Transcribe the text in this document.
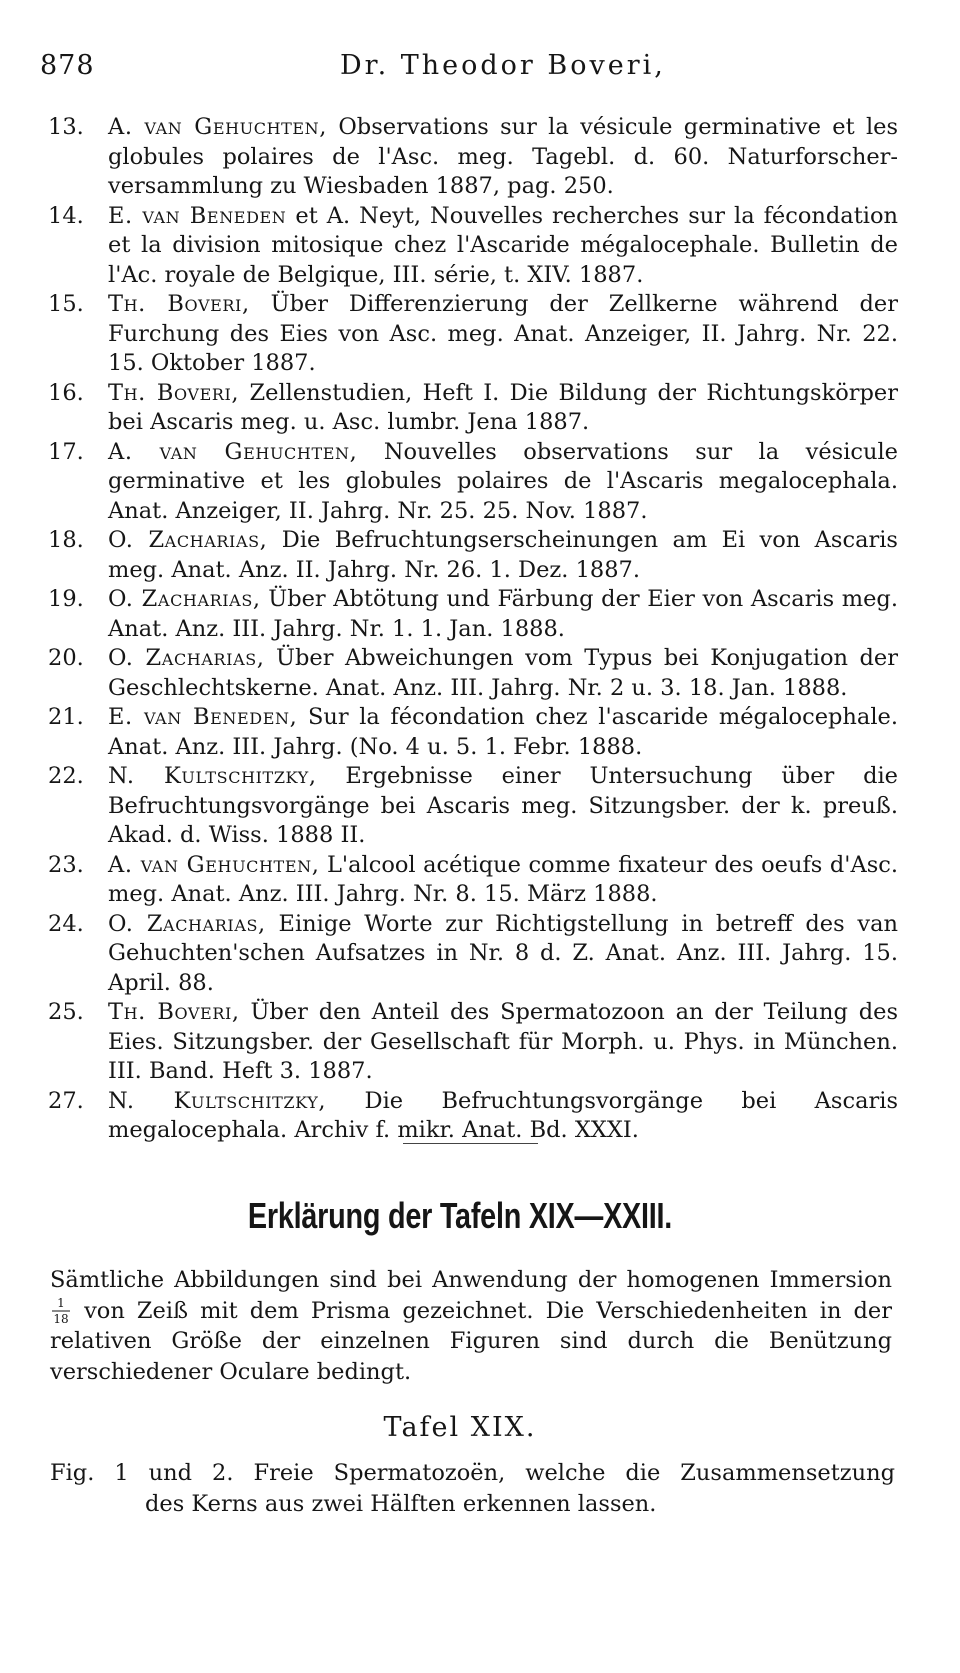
878	Dr. Theodor Boveri,
13.	A. van Gehuchten, Observations sur la vésicule germinative et les globules polaires de l'Asc. meg. Tagebl. d. 60. Naturforscher-versammlung zu Wiesbaden 1887, pag. 250.
14.	E. van Beneden et A. Neyt, Nouvelles recherches sur la fécondation et la division mitosique chez l'Ascaride mégalocephale. Bulletin de l'Ac. royale de Belgique, III. série, t. XIV. 1887.
15.	Th. Boveri, Über Differenzierung der Zellkerne während der Furchung des Eies von Asc. meg. Anat. Anzeiger, II. Jahrg. Nr. 22. 15. Oktober 1887.
16.	Th. Boveri, Zellenstudien, Heft I. Die Bildung der Richtungskörper bei Ascaris meg. u. Asc. lumbr. Jena 1887.
17.	A. van Gehuchten, Nouvelles observations sur la vésicule germinative et les globules polaires de l'Ascaris megalocephala. Anat. Anzeiger, II. Jahrg. Nr. 25. 25. Nov. 1887.
18.	O. Zacharias, Die Befruchtungserscheinungen am Ei von Ascaris meg. Anat. Anz. II. Jahrg. Nr. 26. 1. Dez. 1887.
19.	O. Zacharias, Über Abtötung und Färbung der Eier von Ascaris meg. Anat. Anz. III. Jahrg. Nr. 1. 1. Jan. 1888.
20.	O. Zacharias, Über Abweichungen vom Typus bei Konjugation der Geschlechtskerne. Anat. Anz. III. Jahrg. Nr. 2 u. 3. 18. Jan. 1888.
21.	E. van Beneden, Sur la fécondation chez l'ascaride mégalocephale. Anat. Anz. III. Jahrg. (No. 4 u. 5. 1. Febr. 1888.
22.	N. Kultschitzky, Ergebnisse einer Untersuchung über die Befruchtungsvorgänge bei Ascaris meg. Sitzungsber. der k. preuß. Akad. d. Wiss. 1888 II.
23.	A. van Gehuchten, L'alcool acétique comme fixateur des oeufs d'Asc. meg. Anat. Anz. III. Jahrg. Nr. 8. 15. März 1888.
24.	O. Zacharias, Einige Worte zur Richtigstellung in betreff des van Gehuchten'schen Aufsatzes in Nr. 8 d. Z. Anat. Anz. III. Jahrg. 15. April. 88.
25.	Th. Boveri, Über den Anteil des Spermatozoon an der Teilung des Eies. Sitzungsber. der Gesellschaft für Morph. u. Phys. in München. III. Band. Heft 3. 1887.
27.	N. Kultschitzky, Die Befruchtungsvorgänge bei Ascaris megalocephala. Archiv f. mikr. Anat. Bd. XXXI.
Erklärung der Tafeln XIX—XXIII.
Sämtliche Abbildungen sind bei Anwendung der homogenen Immersion
1
18 von Zeiß mit dem Prisma gezeichnet. Die Verschiedenheiten in der relativen Größe der einzelnen Figuren sind durch die Benützung verschiedener Oculare bedingt.
Tafel XIX.
Fig. 1 und 2. Freie Spermatozoën, welche die Zusammensetzung
des Kerns aus zwei Hälften erkennen lassen.
